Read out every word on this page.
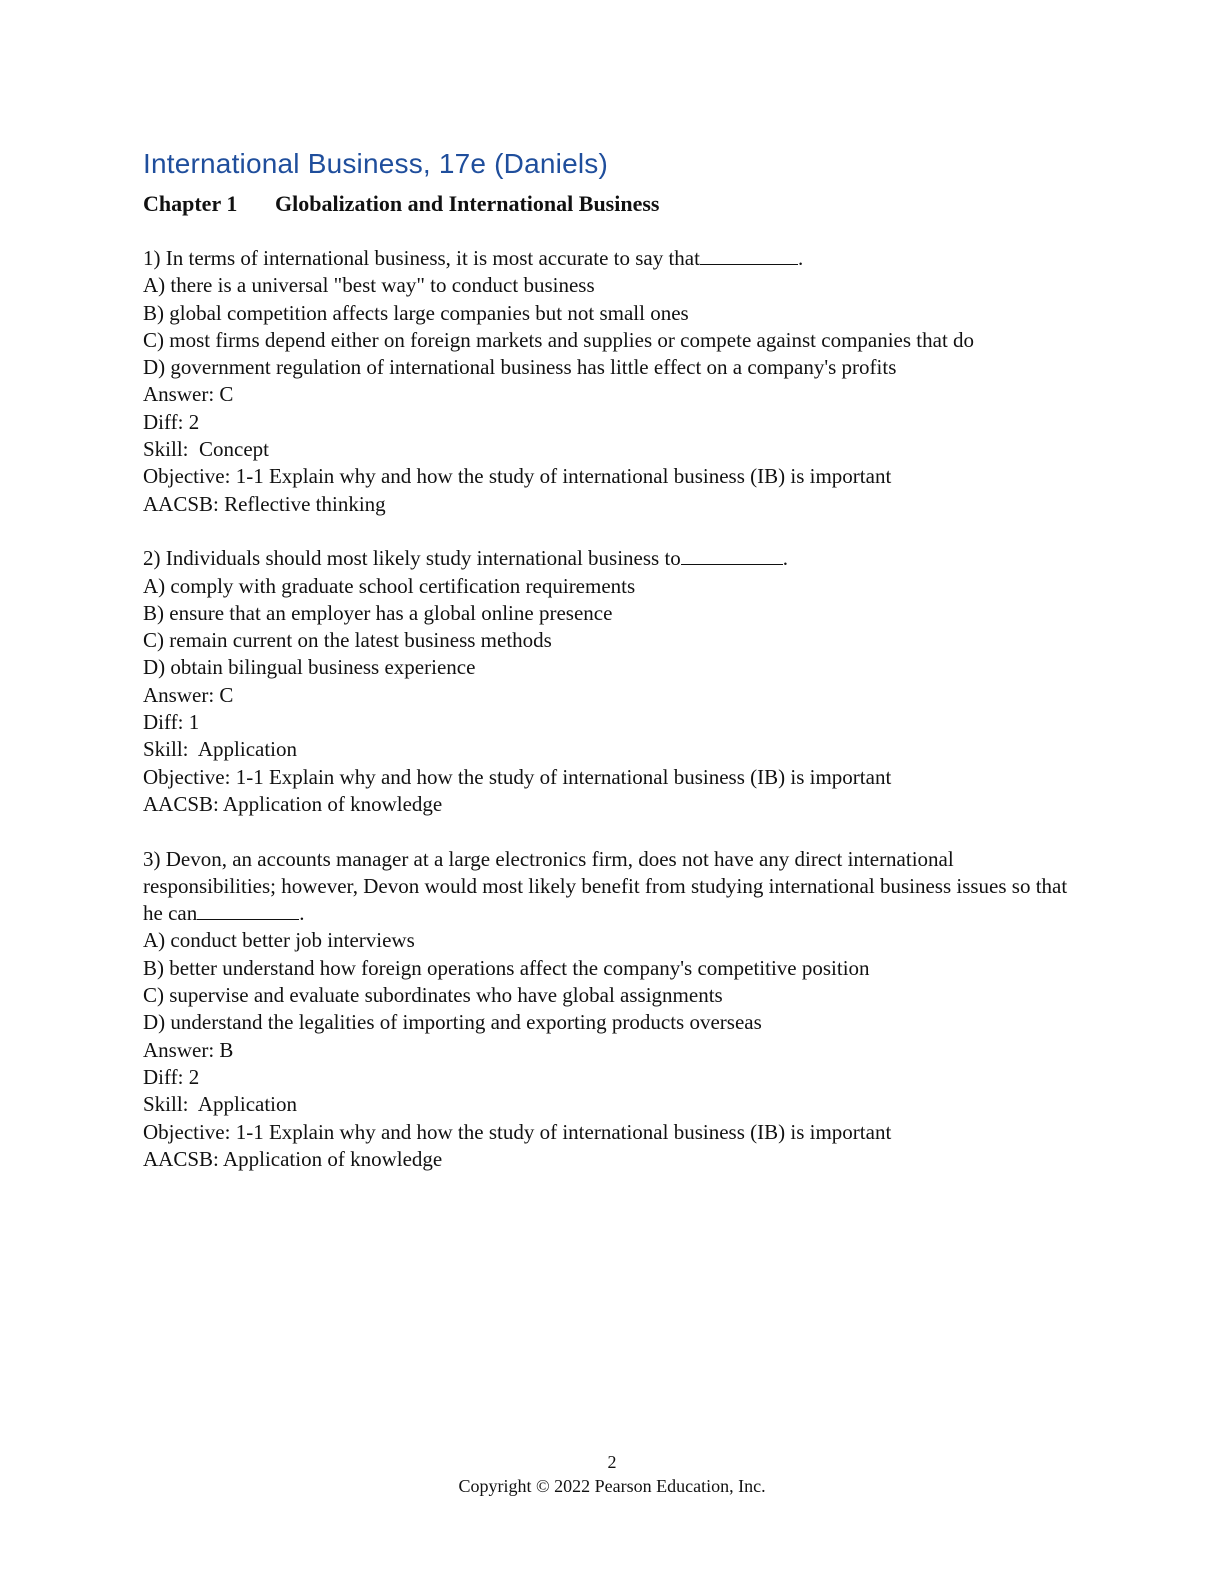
International Business, 17e (Daniels)
Chapter 1 Globalization and International Business
1) In terms of international business, it is most accurate to say that	.
A) there is a universal "best way" to conduct business
B) global competition affects large companies but not small ones
C) most firms depend either on foreign markets and supplies or compete against companies that do
D) government regulation of international business has little effect on a company's profits
Answer: C
Diff: 2
Skill:  Concept
Objective: 1-1 Explain why and how the study of international business (IB) is important
AACSB: Reflective thinking
2) Individuals should most likely study international business to	.
A) comply with graduate school certification requirements
B) ensure that an employer has a global online presence
C) remain current on the latest business methods
D) obtain bilingual business experience
Answer: C
Diff: 1
Skill:  Application
Objective: 1-1 Explain why and how the study of international business (IB) is important
AACSB: Application of knowledge
3) Devon, an accounts manager at a large electronics firm, does not have any direct international responsibilities; however, Devon would most likely benefit from studying international business issues so that he can	.
A) conduct better job interviews
B) better understand how foreign operations affect the company's competitive position
C) supervise and evaluate subordinates who have global assignments
D) understand the legalities of importing and exporting products overseas
Answer: B
Diff: 2
Skill:  Application
Objective: 1-1 Explain why and how the study of international business (IB) is important
AACSB: Application of knowledge
2
Copyright © 2022 Pearson Education, Inc.
